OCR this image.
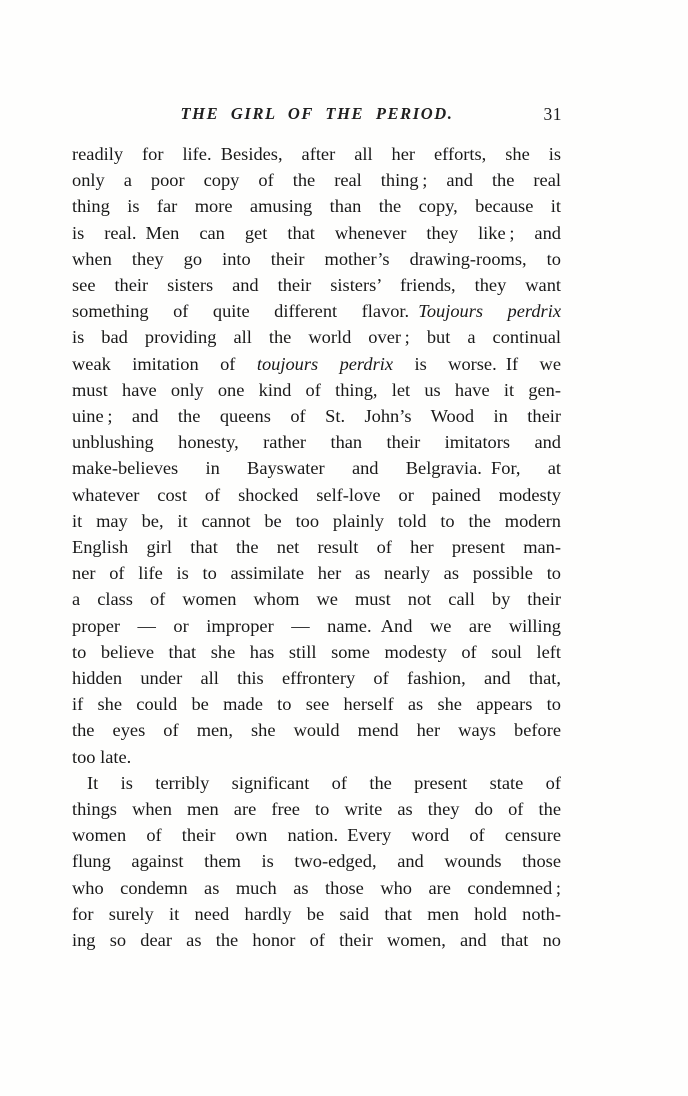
THE GIRL OF THE PERIOD.	31
readily for life. Besides, after all her efforts, she is
only a poor copy of the real thing ; and the real
thing is far more amusing than the copy, because it
is real. Men can get that whenever they like ; and
when they go into their mother’s drawing-rooms, to
see their sisters and their sisters’ friends, they want
something of quite different flavor. Toujours perdrix
is bad providing all the world over ; but a continual
weak imitation of toujours perdrix is worse. If we
must have only one kind of thing, let us have it gen-
uine ; and the queens of St. John’s Wood in their
unblushing honesty, rather than their imitators and
make-believes in Bayswater and Belgravia. For, at
whatever cost of shocked self-love or pained modesty
it may be, it cannot be too plainly told to the modern
English girl that the net result of her present man-
ner of life is to assimilate her as nearly as possible to
a class of women whom we must not call by their
proper — or improper — name. And we are willing
to believe that she has still some modesty of soul left
hidden under all this effrontery of fashion, and that,
if she could be made to see herself as she appears to
the eyes of men, she would mend her ways before
too late.
It is terribly significant of the present state of
things when men are free to write as they do of the
women of their own nation. Every word of censure
flung against them is two-edged, and wounds those
who condemn as much as those who are condemned ;
for surely it need hardly be said that men hold noth-
ing so dear as the honor of their women, and that no
